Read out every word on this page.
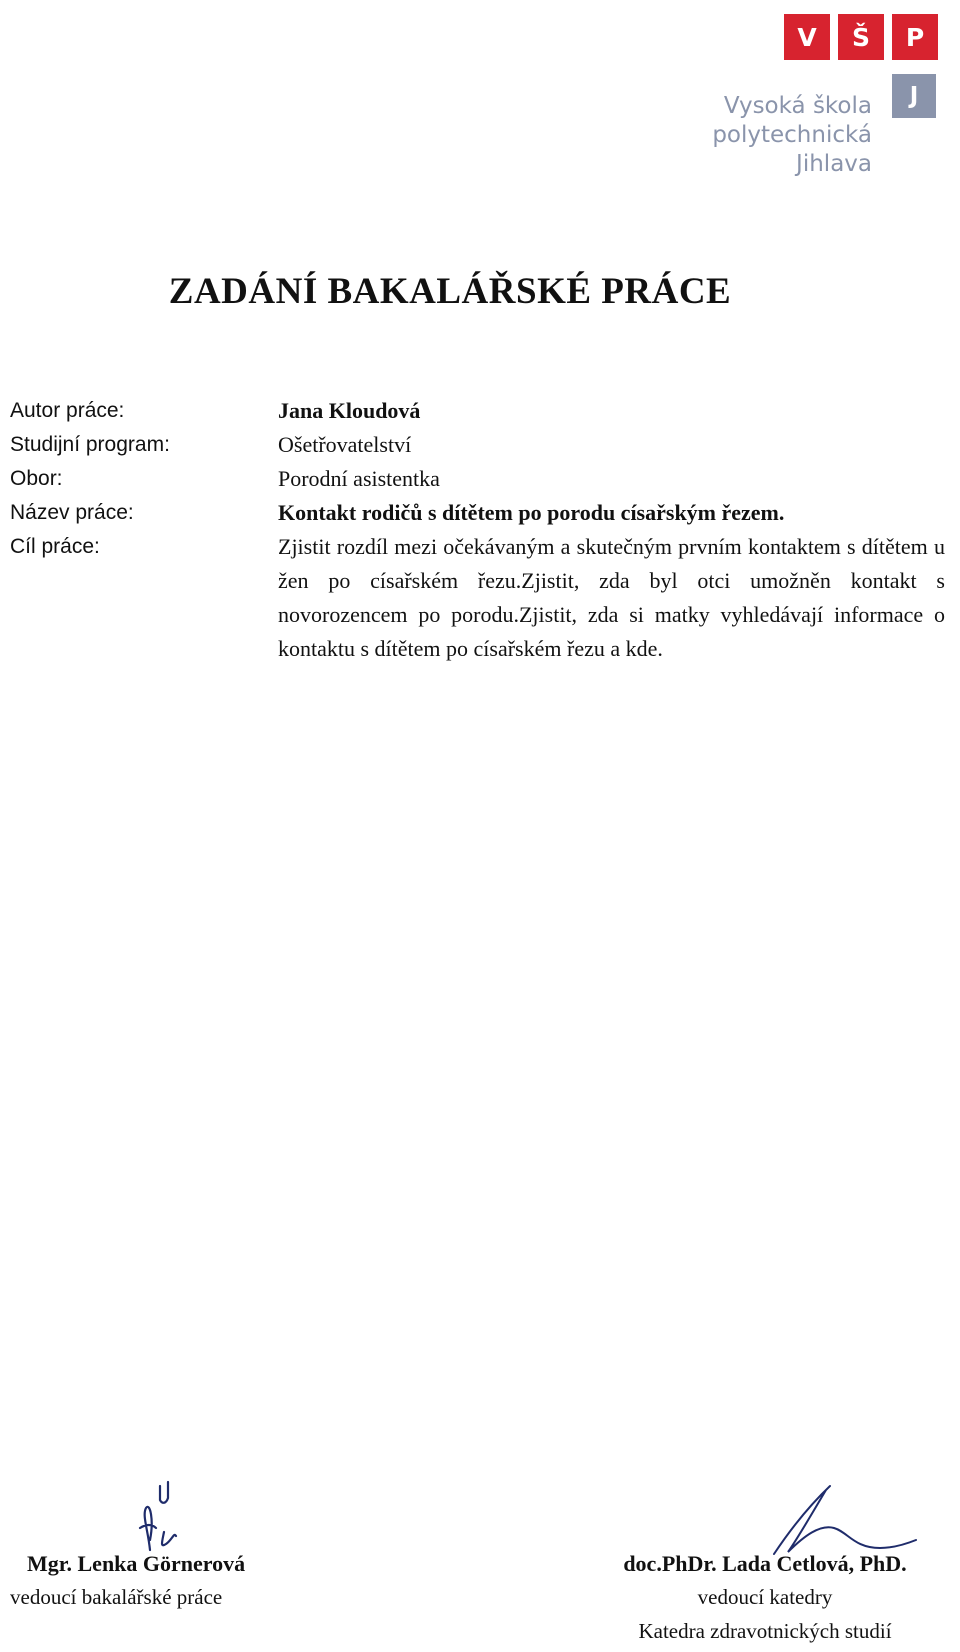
V	Š	P
J
Vysoká škola
polytechnická
Jihlava
ZADÁNÍ BAKALÁŘSKÉ PRÁCE
Autor práce:	Jana Kloudová
Studijní program:	Ošetřovatelství
Obor:	Porodní asistentka
Název práce:	Kontakt rodičů s dítětem po porodu císařským řezem.
Cíl práce:	Zjistit rozdíl mezi očekávaným a skutečným prvním kontaktem s dítětem u žen po císařském řezu.Zjistit, zda byl otci umožněn kontakt s novorozencem po porodu.Zjistit, zda si matky vyhledávají informace o kontaktu s dítětem po císařském řezu a kde.
Mgr. Lenka Görnerová
vedoucí bakalářské práce
doc.PhDr. Lada Cetlová, PhD.
vedoucí katedry
Katedra zdravotnických studií
